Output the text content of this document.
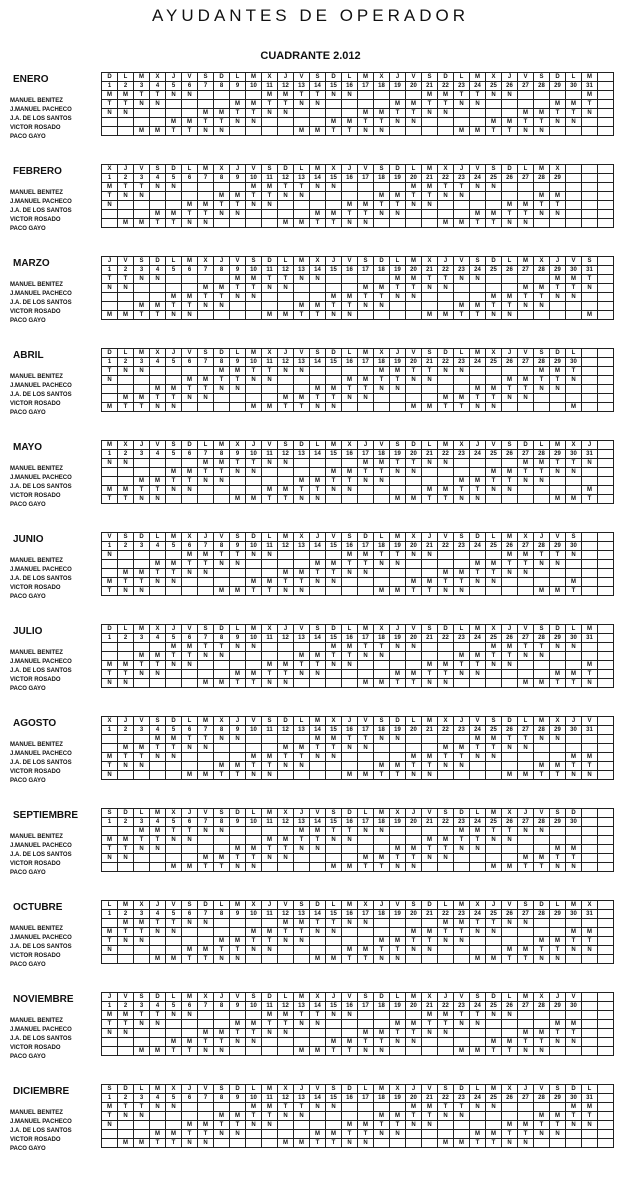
AYUDANTES DE OPERADOR
CUADRANTE 2.012
ENERO
MANUEL BENITEZ
J.MANUEL PACHECO
J.A. DE LOS SANTOS
VICTOR ROSADO
PACO GAYO
D	L	M	X	J	V	S	D	L	M	X	J	V	S	D	L	M	X	J	V	S	D	L	M	X	J	V	S	D	L	M	
1	2	3	4	5	6	7	8	9	10	11	12	13	14	15	16	17	18	19	20	21	22	23	24	25	26	27	28	29	30	31	
M	M	T	T	N	N					M	M	T	T	N	N					M	M	T	T	N	N					M	
T	T	N	N					M	M	T	T	N	N					M	M	T	T	N	N					M	M	T	
N	N					M	M	T	T	N	N					M	M	T	T	N	N					M	M	T	T	N	
				M	M	T	T	N	N					M	M	T	T	N	N					M	M	T	T	N	N		
		M	M	T	T	N	N					M	M	T	T	N	N					M	M	T	T	N	N				
FEBRERO
MANUEL BENITEZ
J.MANUEL PACHECO
J.A. DE LOS SANTOS
VICTOR ROSADO
PACO GAYO
X	J	V	S	D	L	M	X	J	V	S	D	L	M	X	J	V	S	D	L	M	X	J	V	S	D	L	M	X			
1	2	3	4	5	6	7	8	9	10	11	12	13	14	15	16	17	18	19	20	21	22	23	24	25	26	27	28	29			
M	T	T	N	N					M	M	T	T	N	N					M	M	T	T	N	N							
T	N	N					M	M	T	T	N	N					M	M	T	T	N	N					M	M			
N					M	M	T	T	N	N					M	M	T	T	N	N					M	M	T	T			
			M	M	T	T	N	N					M	M	T	T	N	N					M	M	T	T	N	N			
	M	M	T	T	N	N					M	M	T	T	N	N					M	M	T	T	N	N					
MARZO
MANUEL BENITEZ
J.MANUEL PACHECO
J.A. DE LOS SANTOS
VICTOR ROSADO
PACO GAYO
J	V	S	D	L	M	X	J	V	S	D	L	M	X	J	V	S	D	L	M	X	J	V	S	D	L	M	X	J	V	S	
1	2	3	4	5	6	7	8	9	10	11	12	13	14	15	16	17	18	19	20	21	22	23	24	25	26	27	28	29	30	31	
T	T	N	N					M	M	T	T	N	N					M	M	T	T	N	N					M	M	T	
N	N					M	M	T	T	N	N					M	M	T	T	N	N					M	M	T	T	N	
				M	M	T	T	N	N					M	M	T	T	N	N					M	M	T	T	N	N		
		M	M	T	T	N	N					M	M	T	T	N	N					M	M	T	T	N	N				
M	M	T	T	N	N					M	M	T	T	N	N					M	M	T	T	N	N					M	
ABRIL
MANUEL BENITEZ
J.MANUEL PACHECO
J.A. DE LOS SANTOS
VICTOR ROSADO
PACO GAYO
D	L	M	X	J	V	S	D	L	M	X	J	V	S	D	L	M	X	J	V	S	D	L	M	X	J	V	S	D	L		
1	2	3	4	5	6	7	8	9	10	11	12	13	14	15	16	17	18	19	20	21	22	23	24	25	26	27	28	29	30		
T	N	N					M	M	T	T	N	N					M	M	T	T	N	N					M	M	T		
N					M	M	T	T	N	N					M	M	T	T	N	N					M	M	T	T	N		
			M	M	T	T	N	N					M	M	T	T	N	N					M	M	T	T	N	N			
	M	M	T	T	N	N					M	M	T	T	N	N					M	M	T	T	N	N					
M	T	T	N	N					M	M	T	T	N	N					M	M	T	T	N	N					M		
MAYO
MANUEL BENITEZ
J.MANUEL PACHECO
J.A. DE LOS SANTOS
VICTOR ROSADO
PACO GAYO
M	X	J	V	S	D	L	M	X	J	V	S	D	L	M	X	J	V	S	D	L	M	X	J	V	S	D	L	M	X	J	
1	2	3	4	5	6	7	8	9	10	11	12	13	14	15	16	17	18	19	20	21	22	23	24	25	26	27	28	29	30	31	
N	N					M	M	T	T	N	N					M	M	T	T	N	N					M	M	T	T	N	
				M	M	T	T	N	N					M	M	T	T	N	N					M	M	T	T	N	N		
		M	M	T	T	N	N					M	M	T	T	N	N					M	M	T	T	N	N				
M	M	T	T	N	N					M	M	T	T	N	N					M	M	T	T	N	N					M	
T	T	N	N					M	M	T	T	N	N					M	M	T	T	N	N					M	M	T	
JUNIO
MANUEL BENITEZ
J.MANUEL PACHECO
J.A. DE LOS SANTOS
VICTOR ROSADO
PACO GAYO
V	S	D	L	M	X	J	V	S	D	L	M	X	J	V	S	D	L	M	X	J	V	S	D	L	M	X	J	V	S		
1	2	3	4	5	6	7	8	9	10	11	12	13	14	15	16	17	18	19	20	21	22	23	24	25	26	27	28	29	30		
N					M	M	T	T	N	N					M	M	T	T	N	N					M	M	T	T	N		
			M	M	T	T	N	N					M	M	T	T	N	N					M	M	T	T	N	N			
	M	M	T	T	N	N					M	M	T	T	N	N					M	M	T	T	N	N					
M	T	T	N	N					M	M	T	T	N	N					M	M	T	T	N	N					M		
T	N	N					M	M	T	T	N	N					M	M	T	T	N	N					M	M	T		
JULIO
MANUEL BENITEZ
J.MANUEL PACHECO
J.A. DE LOS SANTOS
VICTOR ROSADO
PACO GAYO
D	L	M	X	J	V	S	D	L	M	X	J	V	S	D	L	M	X	J	V	S	D	L	M	X	J	V	S	D	L	M	
1	2	3	4	5	6	7	8	9	10	11	12	13	14	15	16	17	18	19	20	21	22	23	24	25	26	27	28	29	30	31	
				M	M	T	T	N	N					M	M	T	T	N	N					M	M	T	T	N	N		
		M	M	T	T	N	N					M	M	T	T	N	N					M	M	T	T	N	N				
M	M	T	T	N	N					M	M	T	T	N	N					M	M	T	T	N	N					M	
T	T	N	N					M	M	T	T	N	N					M	M	T	T	N	N					M	M	T	
N	N					M	M	T	T	N	N					M	M	T	T	N	N					M	M	T	T	N	
AGOSTO
MANUEL BENITEZ
J.MANUEL PACHECO
J.A. DE LOS SANTOS
VICTOR ROSADO
PACO GAYO
X	J	V	S	D	L	M	X	J	V	S	D	L	M	X	J	V	S	D	L	M	X	J	V	S	D	L	M	X	J	V	
1	2	3	4	5	6	7	8	9	10	11	12	13	14	15	16	17	18	19	20	21	22	23	24	25	26	27	28	29	30	31	
			M	M	T	T	N	N					M	M	T	T	N	N					M	M	T	T	N	N			
	M	M	T	T	N	N					M	M	T	T	N	N					M	M	T	T	N	N					
M	T	T	N	N					M	M	T	T	N	N					M	M	T	T	N	N					M	M	
T	N	N					M	M	T	T	N	N					M	M	T	T	N	N					M	M	T	T	
N					M	M	T	T	N	N					M	M	T	T	N	N					M	M	T	T	N	N	
SEPTIEMBRE
MANUEL BENITEZ
J.MANUEL PACHECO
J.A. DE LOS SANTOS
VICTOR ROSADO
PACO GAYO
S	D	L	M	X	J	V	S	D	L	M	X	J	V	S	D	L	M	X	J	V	S	D	L	M	X	J	V	S	D		
1	2	3	4	5	6	7	8	9	10	11	12	13	14	15	16	17	18	19	20	21	22	23	24	25	26	27	28	29	30		
		M	M	T	T	N	N					M	M	T	T	N	N					M	M	T	T	N	N				
M	M	T	T	N	N					M	M	T	T	N	N					M	M	T	T	N	N						
T	T	N	N					M	M	T	T	N	N					M	M	T	T	N	N					M	M		
N	N					M	M	T	T	N	N					M	M	T	T	N	N					M	M	T	T		
				M	M	T	T	N	N					M	M	T	T	N	N					M	M	T	T	N	N		
OCTUBRE
MANUEL BENITEZ
J.MANUEL PACHECO
J.A. DE LOS SANTOS
VICTOR ROSADO
PACO GAYO
L	M	X	J	V	S	D	L	M	X	J	V	S	D	L	M	X	J	V	S	D	L	M	X	J	V	S	D	L	M	X	
1	2	3	4	5	6	7	8	9	10	11	12	13	14	15	16	17	18	19	20	21	22	23	24	25	26	27	28	29	30	31	
	M	M	T	T	N	N					M	M	T	T	N	N					M	M	T	T	N	N					
M	T	T	N	N					M	M	T	T	N	N					M	M	T	T	N	N					M	M	
T	N	N					M	M	T	T	N	N					M	M	T	T	N	N					M	M	T	T	
N					M	M	T	T	N	N					M	M	T	T	N	N					M	M	T	T	N	N	
			M	M	T	T	N	N					M	M	T	T	N	N					M	M	T	T	N	N			
NOVIEMBRE
MANUEL BENITEZ
J.MANUEL PACHECO
J.A. DE LOS SANTOS
VICTOR ROSADO
PACO GAYO
J	V	S	D	L	M	X	J	V	S	D	L	M	X	J	V	S	D	L	M	X	J	V	S	D	L	M	X	J	V		
1	2	3	4	5	6	7	8	9	10	11	12	13	14	15	16	17	18	19	20	21	22	23	24	25	26	27	28	29	30		
M	M	T	T	N	N					M	M	T	T	N	N					M	M	T	T	N	N						
T	T	N	N					M	M	T	T	N	N					M	M	T	T	N	N					M	M		
N	N					M	M	T	T	N	N					M	M	T	T	N	N					M	M	T	T		
				M	M	T	T	N	N					M	M	T	T	N	N					M	M	T	T	N	N		
		M	M	T	T	N	N					M	M	T	T	N	N					M	M	T	T	N	N				
DICIEMBRE
MANUEL BENITEZ
J.MANUEL PACHECO
J.A. DE LOS SANTOS
VICTOR ROSADO
PACO GAYO
S	D	L	M	X	J	V	S	D	L	M	X	J	V	S	D	L	M	X	J	V	S	D	L	M	X	J	V	S	D	L	
1	2	3	4	5	6	7	8	9	10	11	12	13	14	15	16	17	18	19	20	21	22	23	24	25	26	27	28	29	30	31	
M	T	T	N	N					M	M	T	T	N	N					M	M	T	T	N	N					M	M	
T	N	N					M	M	T	T	N	N					M	M	T	T	N	N					M	M	T	T	
N					M	M	T	T	N	N					M	M	T	T	N	N					M	M	T	T	N	N	
			M	M	T	T	N	N					M	M	T	T	N	N					M	M	T	T	N	N			
	M	M	T	T	N	N					M	M	T	T	N	N					M	M	T	T	N	N					
